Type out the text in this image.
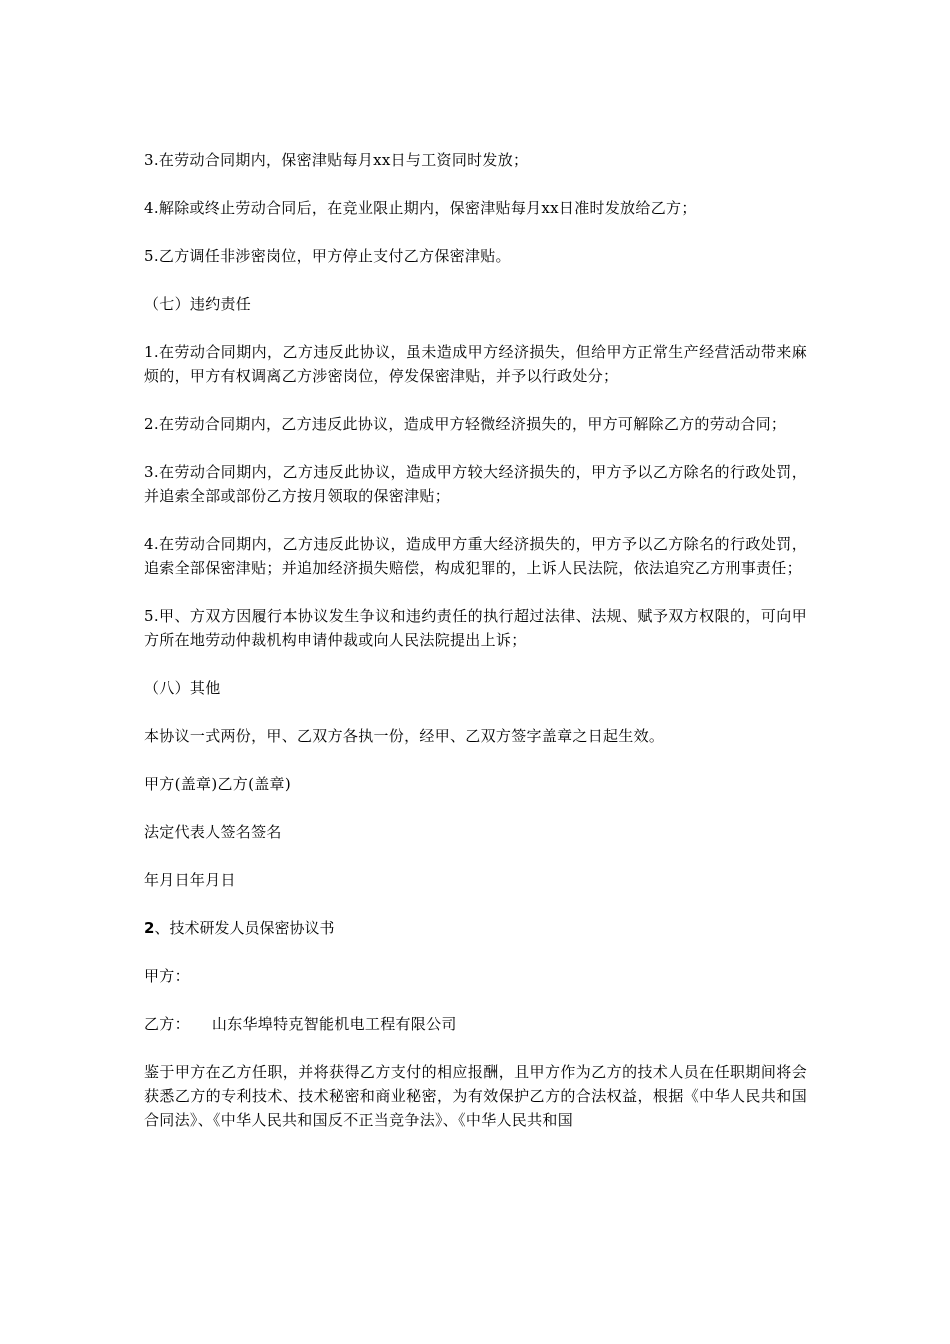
3.在劳动合同期内，保密津贴每月xx日与工资同时发放；

4.解除或终止劳动合同后，在竞业限止期内，保密津贴每月xx日准时发放给乙方；

5.乙方调任非涉密岗位，甲方停止支付乙方保密津贴。

（七）违约责任

1.在劳动合同期内，乙方违反此协议，虽未造成甲方经济损失，但给甲方正常生产经营活动带来麻烦的，甲方有权调离乙方涉密岗位，停发保密津贴，并予以行政处分；

2.在劳动合同期内，乙方违反此协议，造成甲方轻微经济损失的，甲方可解除乙方的劳动合同；

3.在劳动合同期内，乙方违反此协议，造成甲方较大经济损失的，甲方予以乙方除名的行政处罚，并追索全部或部份乙方按月领取的保密津贴；

4.在劳动合同期内，乙方违反此协议，造成甲方重大经济损失的，甲方予以乙方除名的行政处罚，追索全部保密津贴；并追加经济损失赔偿，构成犯罪的，上诉人民法院，依法追究乙方刑事责任；

5.甲、方双方因履行本协议发生争议和违约责任的执行超过法律、法规、赋予双方权限的，可向甲方所在地劳动仲裁机构申请仲裁或向人民法院提出上诉；

（八）其他

本协议一式两份，甲、乙双方各执一份，经甲、乙双方签字盖章之日起生效。

甲方(盖章)乙方(盖章)

法定代表人签名签名

年月日年月日

2、技术研发人员保密协议书

甲方：

乙方： 山东华埠特克智能机电工程有限公司

鉴于甲方在乙方任职，并将获得乙方支付的相应报酬，且甲方作为乙方的技术人员在任职期间将会获悉乙方的专利技术、技术秘密和商业秘密，为有效保护乙方的合法权益，根据《中华人民共和国合同法》、《中华人民共和国反不正当竞争法》、《中华人民共和国
